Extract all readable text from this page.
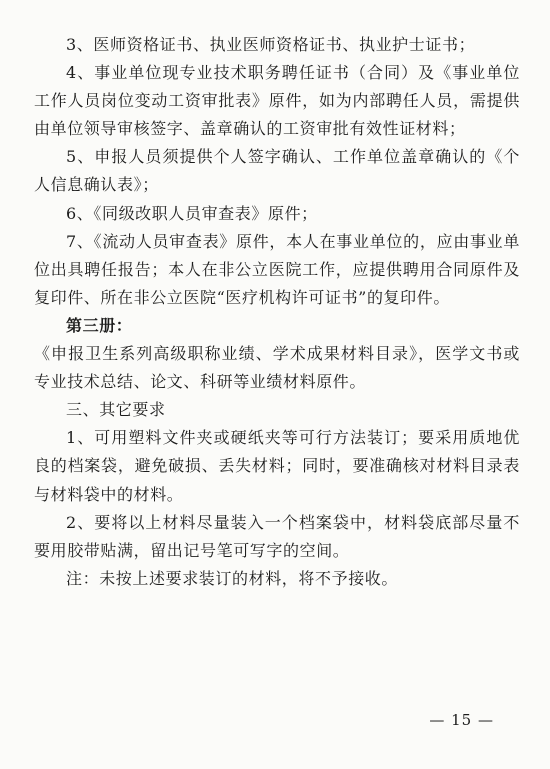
3、医师资格证书、执业医师资格证书、执业护士证书；

4、事业单位现专业技术职务聘任证书（合同）及《事业单位工作人员岗位变动工资审批表》原件，如为内部聘任人员，需提供由单位领导审核签字、盖章确认的工资审批有效性证材料；

5、申报人员须提供个人签字确认、工作单位盖章确认的《个人信息确认表》；

6、《同级改职人员审查表》原件；

7、《流动人员审查表》原件，本人在事业单位的，应由事业单位出具聘任报告；本人在非公立医院工作，应提供聘用合同原件及复印件、所在非公立医院“医疗机构许可证书”的复印件。

第三册：

《申报卫生系列高级职称业绩、学术成果材料目录》，医学文书或专业技术总结、论文、科研等业绩材料原件。

三、其它要求

1、可用塑料文件夹或硬纸夹等可行方法装订；要采用质地优良的档案袋，避免破损、丢失材料；同时，要准确核对材料目录表与材料袋中的材料。

2、要将以上材料尽量装入一个档案袋中，材料袋底部尽量不要用胶带贴满，留出记号笔可写字的空间。

注：未按上述要求装订的材料，将不予接收。

— 15 —
